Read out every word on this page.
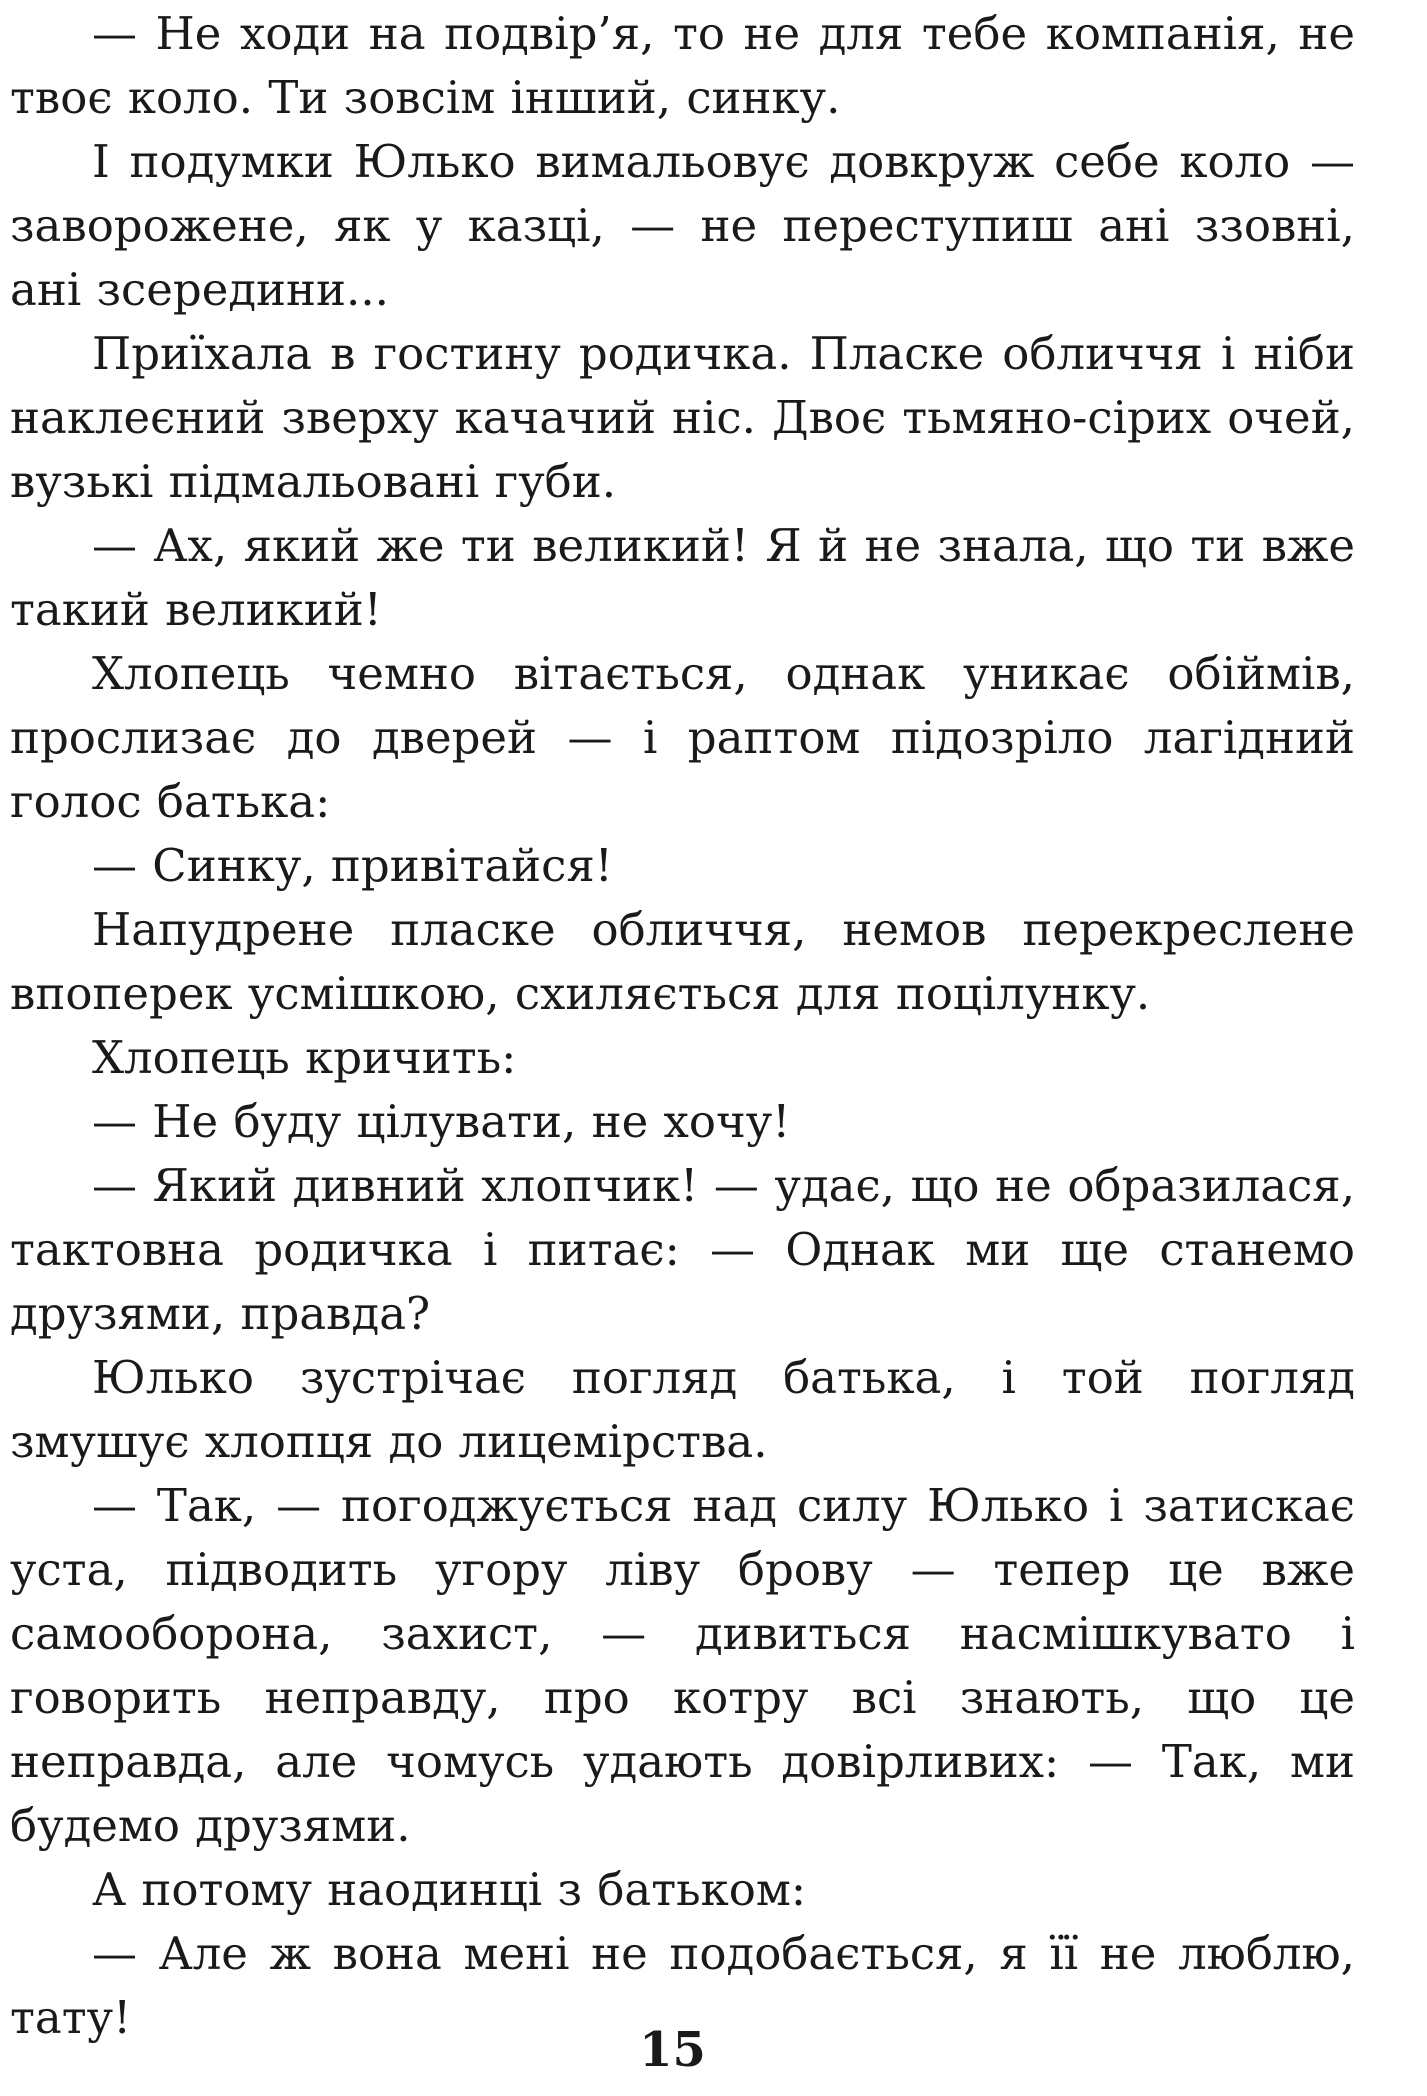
— Не ходи на подвір’я, то не для тебе компанія, не твоє коло. Ти зовсім інший, синку.

І подумки Юлько вимальовує довкруж себе коло — заворожене, як у казці, — не переступиш ані ззовні, ані зсередини...

Приїхала в гостину родичка. Пласке обличчя і ніби наклеєний зверху качачий ніс. Двоє тьмяно-сірих очей, вузькі підмальовані губи.

— Ах, який же ти великий! Я й не знала, що ти вже такий великий!

Хлопець чемно вітається, однак уникає обіймів, прослизає до дверей — і раптом підозріло лагідний голос батька:

— Синку, привітайся!

Напудрене пласке обличчя, немов перекреслене впоперек усмішкою, схиляється для поцілунку.

Хлопець кричить:

— Не буду цілувати, не хочу!

— Який дивний хлопчик! — удає, що не образилася, тактовна родичка і питає: — Однак ми ще станемо друзями, правда?

Юлько зустрічає погляд батька, і той погляд змушує хлопця до лицемірства.

— Так, — погоджується над силу Юлько і затискає уста, підводить угору ліву брову — тепер це вже самооборона, захист, — дивиться насмішкувато і говорить неправду, про котру всі знають, що це неправда, але чомусь удають довірливих: — Так, ми будемо друзями.

А потому наодинці з батьком:

— Але ж вона мені не подобається, я її не люблю, тату!

15
